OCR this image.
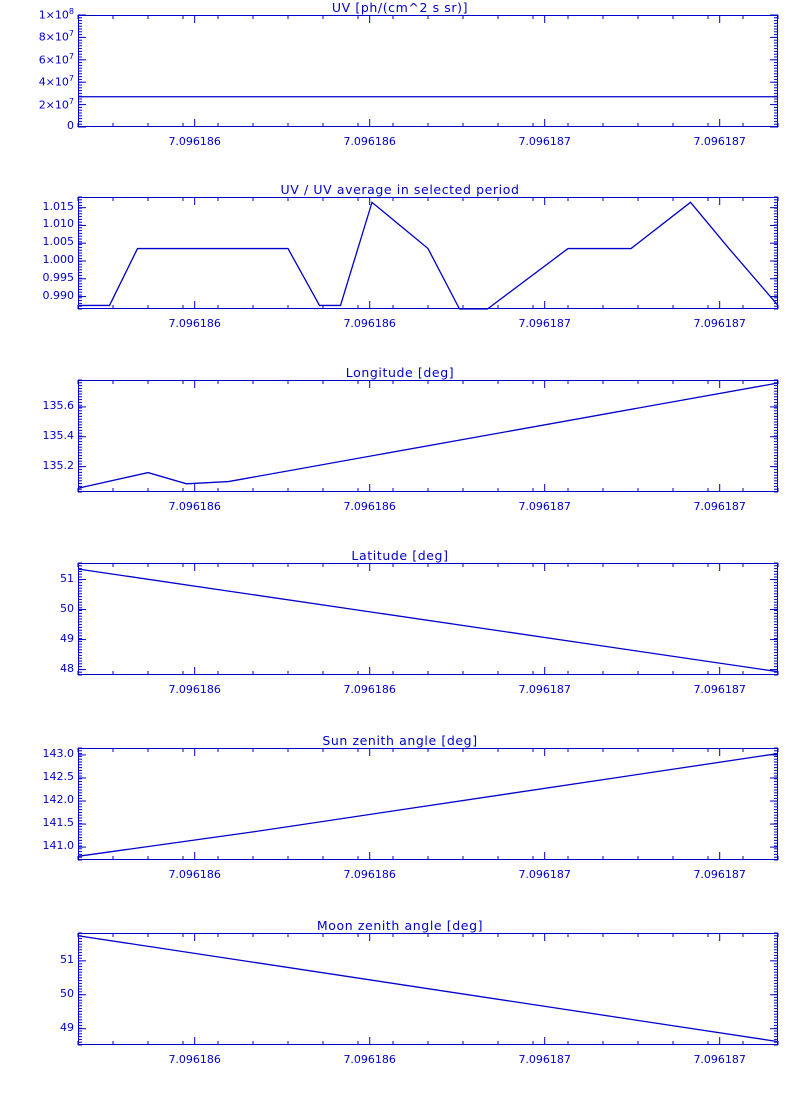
UV [ph/(cm^2 s sr)]
0
$2\times 10^7$
$4\times 10^7$
$6\times 10^7$
$8\times 10^7$
$1\times 10^8$
7.096186	7.096186	7.096187	7.096187
UV / UV average in selected period
0.990
0.995
1.000
1.005
1.010
1.015
7.096186	7.096186	7.096187	7.096187
Longitude [deg]
135.2
135.4
135.6
7.096186	7.096186	7.096187	7.096187
Latitude [deg]
48
49
50
51
7.096186	7.096186	7.096187	7.096187
Sun zenith angle [deg]
141.0
141.5
142.0
142.5
143.0
7.096186	7.096186	7.096187	7.096187
Moon zenith angle [deg]
49
50
51
7.096186	7.096186	7.096187	7.096187
